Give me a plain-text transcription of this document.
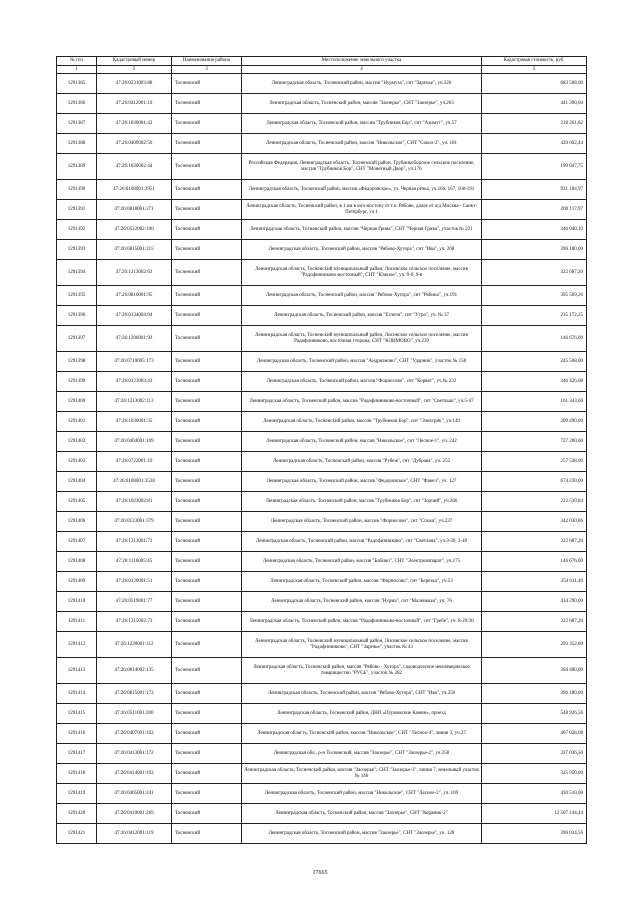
№ п/п	Кадастровый номер	Наименование района	Местоположение земельного участка	Кадастровая стоимость, руб.
1	2	3	4	5
1291385	47:26:0231003:88	Тосненский	Ленинградская область, Тосненский район, массив "Нурмуза", снт "Заречье", уч.326	683 568,00
1291386	47:26:0412001:10	Тосненский	Ленинградская область, Тосненский район, массив "Заозерье", СНТ "Заозерье", уч.263	441 390,04
1291387	47:26:1030001:42	Тосненский	Ленинградская область, Тосненский район, массив "Трубников Бор", снт "Азимут", уч.57	218 261,82
1291388	47:26:0409002:50	Тосненский	Ленинградская область, Тосненский район, массив "Никольское", СНТ "Сокол-2", уч. 181	420 602,44
1291389	47:26:1020002:44	Тосненский	Российская Федерация, Ленинградская область, Тосненский район, Трубникоборское сельское поселение, массив "Трубников Бор", СНТ "Монетный Двор", уч.176	199 047,75
1291390	47:26:0108001:3951	Тосненский	Ленинградская область, Тосненский район, массив «Федоровское», ул. Черная речка, уч.166, 167, 168-191	931 184,97
1291391	47:26:0818001:271	Тосненский	Ленинградская область, Тосненский район, в 1 км в юго-востоку от г.п. Рябово, далее от а/д Москва - Санкт-Петербург, уч.1	200 117,97
1291392	47:26:0522002:100	Тосненский	Ленинградская область, Тосненский район, массив "Черная Грива", СНТ "Черная Грива", участок № 221	346 040,10
1291393	47:26:0815001:215	Тосненский	Ленинградская область, Тосненский район, массив "Рябово-Хутора", снт "Ива", уч. 268	396 180,00
1291394	47:26:1213002:63	Тосненский	Ленинградская область, Тосненский муниципальный район, Лисинское сельское поселение, массив "Радофинниково-восточный", СНТ "Южное", уч. 9-б, 9-в	322 687,20
1291395	47:26:0816001:95	Тосненский	Ленинградская область, Тосненский район, массив "Рябово-Хутора", снт "Рябина", уч.191	395 569,26
1291396	47:26:0134004:94	Тосненский	Ленинградская область, Тосненский район, массив "Еглизи", снт "Утро", уч. № 37	235 172,25
1291397	47:26:1206001:93	Тосненский	Ленинградская область, Тосненский муниципальный район, Лисинское сельское поселение, массив Радофинниково, восточная сторона, СНТ "КЛИМОВО", уч.239	146 676,00
1291398	47:26:0719005:173	Тосненский	Ленинградская область, Тосненский район, массив "Андрианово", СНТ "Ударник", участок № 158	245 568,00
1291399	47:26:0121003:43	Тосненский	Ленинградская область, Тосненский район, массив "Форносово", снт "Корвет", уч.№ 232	346 426,08
1291400	47:26:1213002:113	Тосненский	Ленинградская область, Тосненский район, массив "Радофинниково-восточный", снт "Светлыш", уч.5-47	161 343,60
1291401	47:26:1036001:35	Тосненский	Ленинградская область, Тосненский район, массив "Трубников Бор", снт "Электрик", уч.149	209 490,00
1291402	47:26:0404001:109	Тосненский	Ленинградская область, Тосненский район, массив "Никольское", снт "Лесное-1", уч. 242	727 200,60
1291403	47:26:0722001:10	Тосненский	Ленинградская область, Тосненский район, массив "Рубеж", снт "Дубрава", уч. 252	257 538,00
1291404	47:26:0108001:3538	Тосненский	Ленинградская область, Тосненский район, массив "Федоровское", СНТ "Факел", уч. 127	674 230,00
1291405	47:26:1023002:81	Тосненский	Ленинградская область, Тосненский район, массив "Трубников Бор", снт "Зодчий", уч.266	222 539,84
1291406	47:26:0123001:379	Тосненский	Ленинградская область, Тосненский район, массив "Форносово", снт "Спока", уч.237	342 030,86
1291407	47:26:1213001:72	Тосненский	Ленинградская область, Тосненский район, массив "Радофинниково", снт "Светлана", уч.3-39, 3-40	322 687,20
1291408	47:26:1116005:45	Тосненский	Ленинградская область, Тосненский район, массив "Бабино", СНТ "Электроаппарат", уч.175	146 676,00
1291409	47:26:0120001:51	Тосненский	Ленинградская область, Тосненский район, массив "Форносово", снт "Березка", уч.53	354 611,40
1291410	47:26:0519001:77	Тосненский	Ленинградская область, Тосненский район, массив "Нурма", снт "Маленькая", уч. 76	434 290,00
1291411	47:26:1215002:73	Тосненский	Ленинградская область, Тосненский район, массив "Радофинниково-восточный", снт "Гребе", уч. 8-29/30	322 687,20
1291412	47:26:1220001:112	Тосненский	Ленинградская область, Тосненский муниципальный район, Лисинское сельское поселение, массив "Радофинниково", СНТ "Заречье", участок № 43	293 352,00
1291413	47:26:0814002:135	Тосненский	Ленинградская область, Тосненский район, массив "Рябово - Хутора", садоводческое некоммерческое товарищество "РУСЬ", участок № 282	394 400,00
1291414	47:26:0815001:172	Тосненский	Ленинградская область, Тосненский район, массив "Рябово-Хутора", СНТ "Ива", уч.250	396 180,00
1291415	47:26:0511001:200	Тосненский	Ленинградская область, Тосненский район, ДНП «Пурмовские Камни», проезд	548 926,56
1291416	47:26:0407001:102	Тосненский	Ленинградская область, Тосненский район, массив "Никольское", СНТ "Лесное-4", линия 3, уч.27	467 028,08
1291417	47:26:0413001:172	Тосненский	Ленинградская обл., р-н Тосненский, массив "Заозерье", СНТ "Заозерье-2", уч.258	327 036,50
1291418	47:26:0414001:192	Тосненский	Ленинградская область, Тосненский район, массив "Заозерье", СНТ "Заозерье-3", линия 7, земельный участок № 146	325 950,00
1291419	47:26:0405001:241	Тосненский	Ленинградская область, Тосненский район, массив "Никольское", СНТ "Лесное-2", уч. 169	430 510,08
1291420	47:26:0410001:269	Тосненский	Ленинградская область, Тосненский район, массив "Заозерье", СНТ "Керамик-2"	12 507 144,44
1291421	47:26:0412001:119	Тосненский	Ленинградская область, Тосненский район, массив "Заозерье", СНТ "Заозерье", уч. 128	396 034,56
17665
